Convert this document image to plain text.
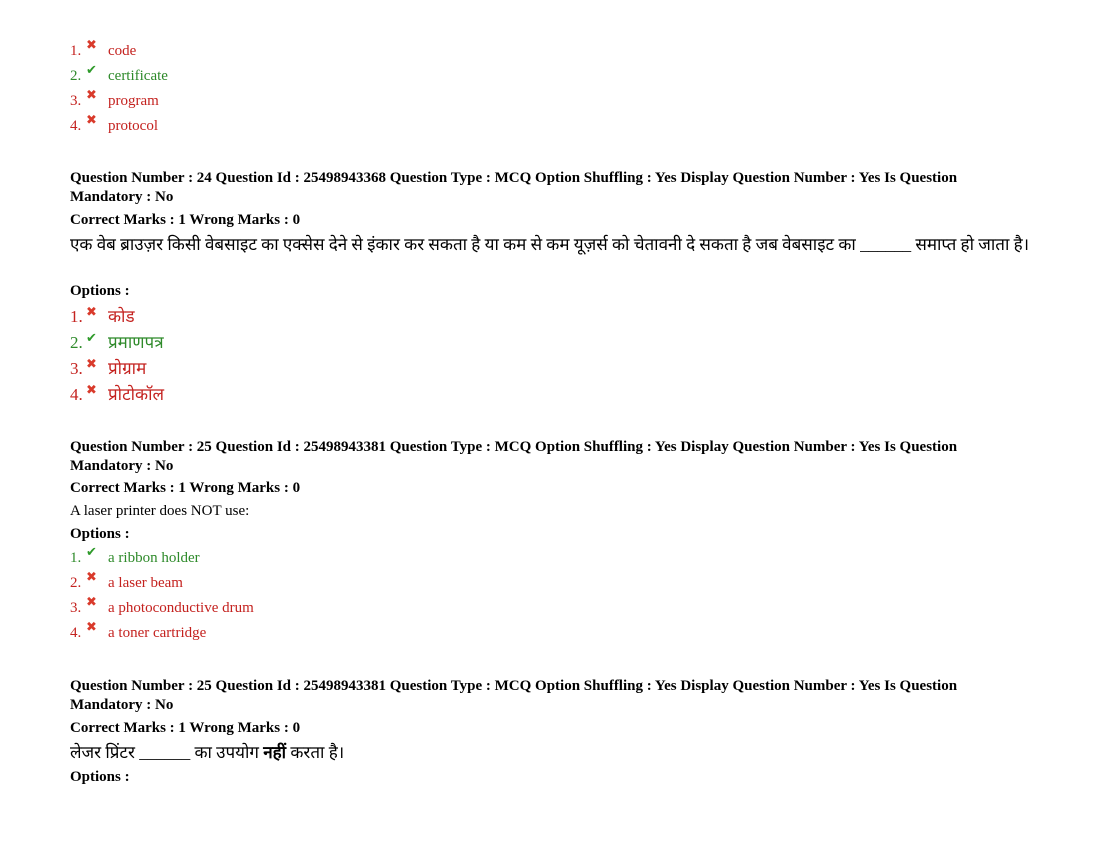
1. ✖ code
2. ✔ certificate
3. ✖ program
4. ✖ protocol
Question Number : 24 Question Id : 25498943368 Question Type : MCQ Option Shuffling : Yes Display Question Number : Yes Is Question Mandatory : No
Correct Marks : 1 Wrong Marks : 0
एक वेब ब्राउज़र किसी वेबसाइट का एक्सेस देने से इंकार कर सकता है या कम से कम यूज़र्स को चेतावनी दे सकता है जब वेबसाइट का ______ समाप्त हो जाता है।
Options :
1. ✖ कोड
2. ✔ प्रमाणपत्र
3. ✖ प्रोग्राम
4. ✖ प्रोटोकॉल
Question Number : 25 Question Id : 25498943381 Question Type : MCQ Option Shuffling : Yes Display Question Number : Yes Is Question Mandatory : No
Correct Marks : 1 Wrong Marks : 0
A laser printer does NOT use:
Options :
1. ✔ a ribbon holder
2. ✖ a laser beam
3. ✖ a photoconductive drum
4. ✖ a toner cartridge
Question Number : 25 Question Id : 25498943381 Question Type : MCQ Option Shuffling : Yes Display Question Number : Yes Is Question Mandatory : No
Correct Marks : 1 Wrong Marks : 0
लेजर प्रिंटर ______ का उपयोग नहीं करता है।
Options :
